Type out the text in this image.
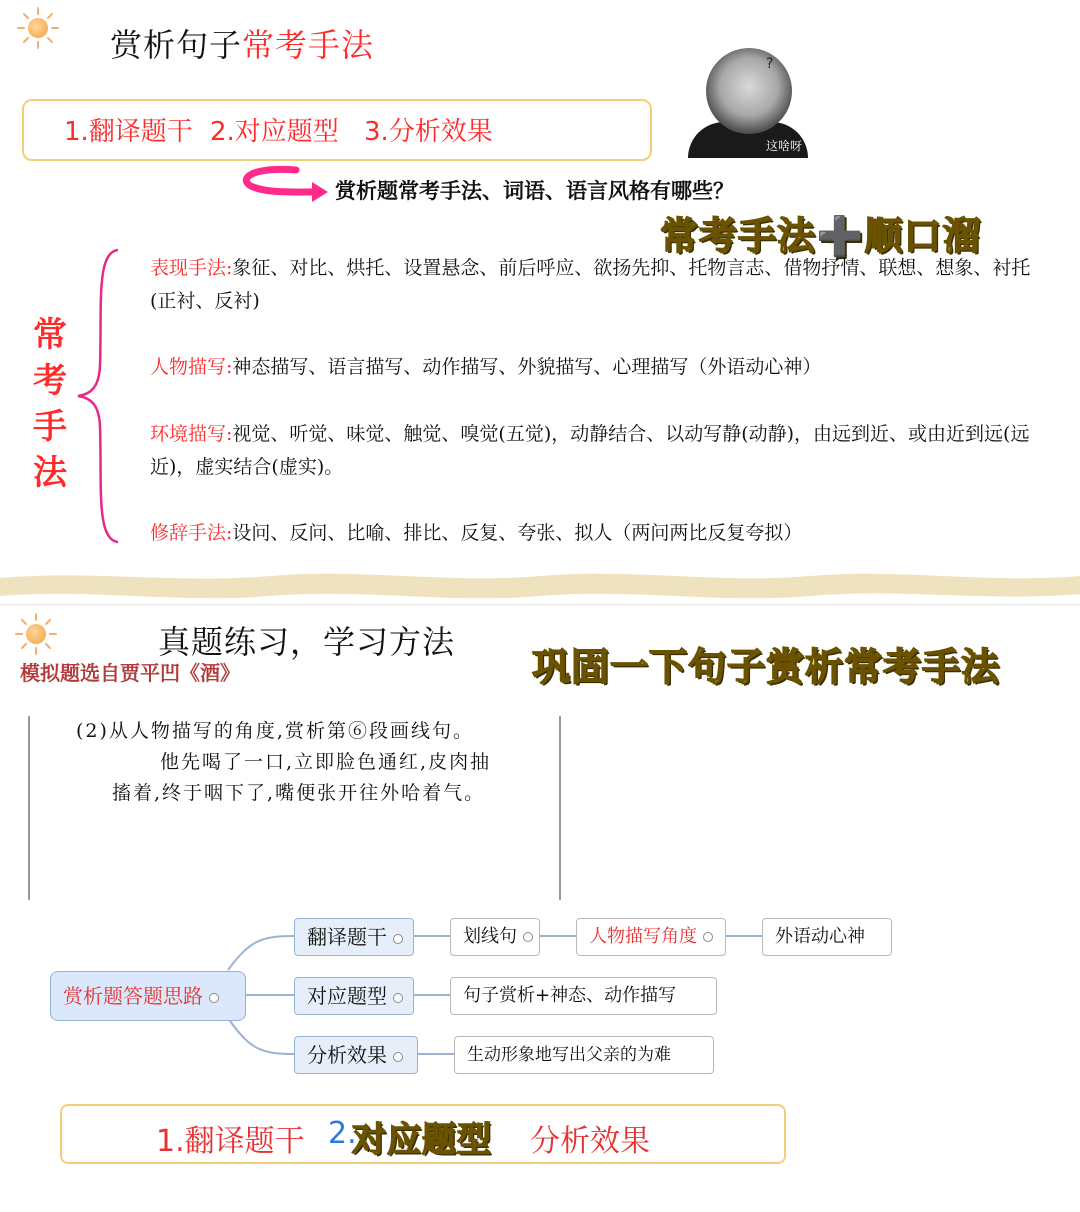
赏析句子常考手法
1.翻译题干 2.对应题型 3.分析效果
?
这啥呀
赏析题常考手法、词语、语言风格有哪些？
常考手法➕顺口溜
常
考
手
法
表现手法:象征、对比、烘托、设置悬念、前后呼应、欲扬先抑、托物言志、借物抒情、联想、想象、衬托(正衬、反衬)
人物描写:神态描写、语言描写、动作描写、外貌描写、心理描写（外语动心神）
环境描写:视觉、听觉、味觉、触觉、嗅觉(五觉)，动静结合、以动写静(动静)，由远到近、或由近到远(远近)，虚实结合(虚实)。
修辞手法:设问、反问、比喻、排比、反复、夸张、拟人（两问两比反复夸拟）
真题练习，学习方法
模拟题选自贾平凹《酒》	巩固一下句子赏析常考手法
(2)从人物描写的角度,赏析第⑥段画线句。
他先喝了一口,立即脸色通红,皮肉抽
搐着,终于咽下了,嘴便张开往外哈着气。
赏析题答题思路
翻译题干
对应题型
分析效果
划线句	人物描写角度	外语动心神
句子赏析+神态、动作描写
生动形象地写出父亲的为难
1.翻译题干 2.
对应题型 分析效果
